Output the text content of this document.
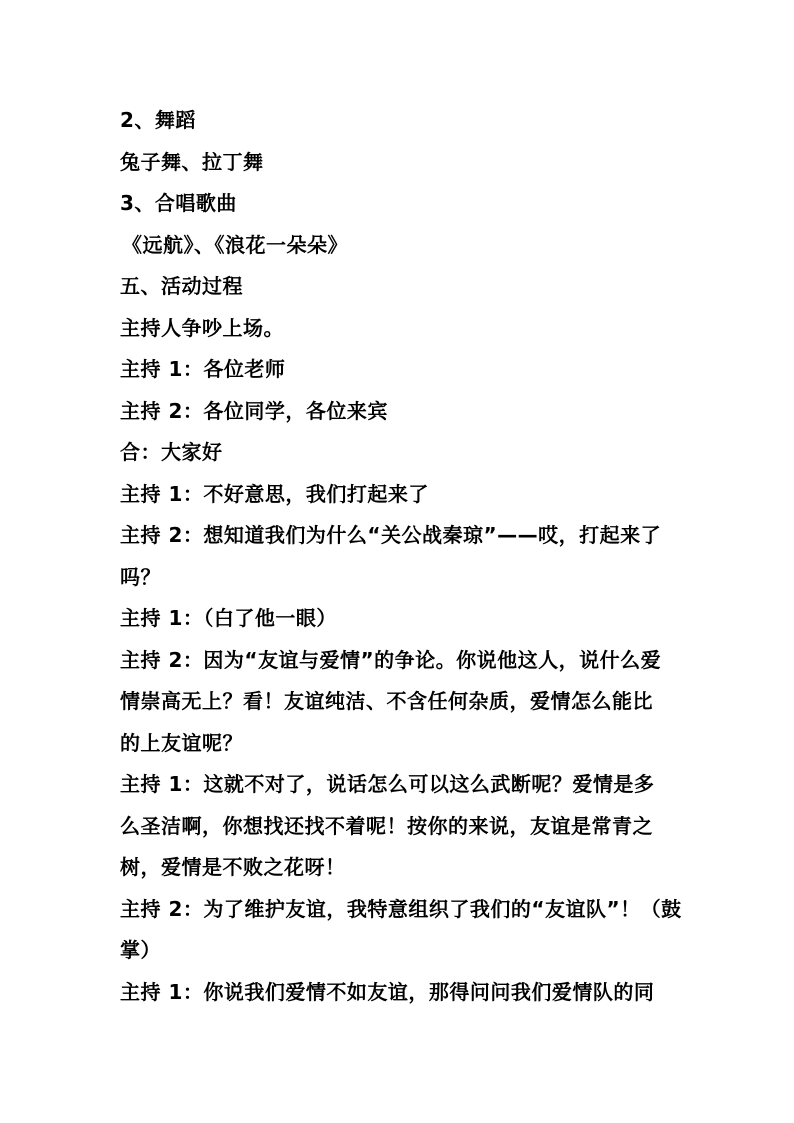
2、舞蹈
兔子舞、拉丁舞
3、合唱歌曲
《远航》、《浪花一朵朵》
五、活动过程
主持人争吵上场。
主持 1：各位老师
主持 2：各位同学，各位来宾
合：大家好
主持 1：不好意思，我们打起来了
主持 2：想知道我们为什么“关公战秦琼”——哎，打起来了
吗？
主持 1：（白了他一眼）
主持 2：因为“友谊与爱情”的争论。你说他这人，说什么爱
情崇高无上？看！友谊纯洁、不含任何杂质，爱情怎么能比
的上友谊呢？
主持 1：这就不对了，说话怎么可以这么武断呢？爱情是多
么圣洁啊，你想找还找不着呢！按你的来说，友谊是常青之
树，爱情是不败之花呀！
主持 2：为了维护友谊，我特意组织了我们的“友谊队”！（鼓
掌）
主持 1：你说我们爱情不如友谊，那得问问我们爱情队的同
